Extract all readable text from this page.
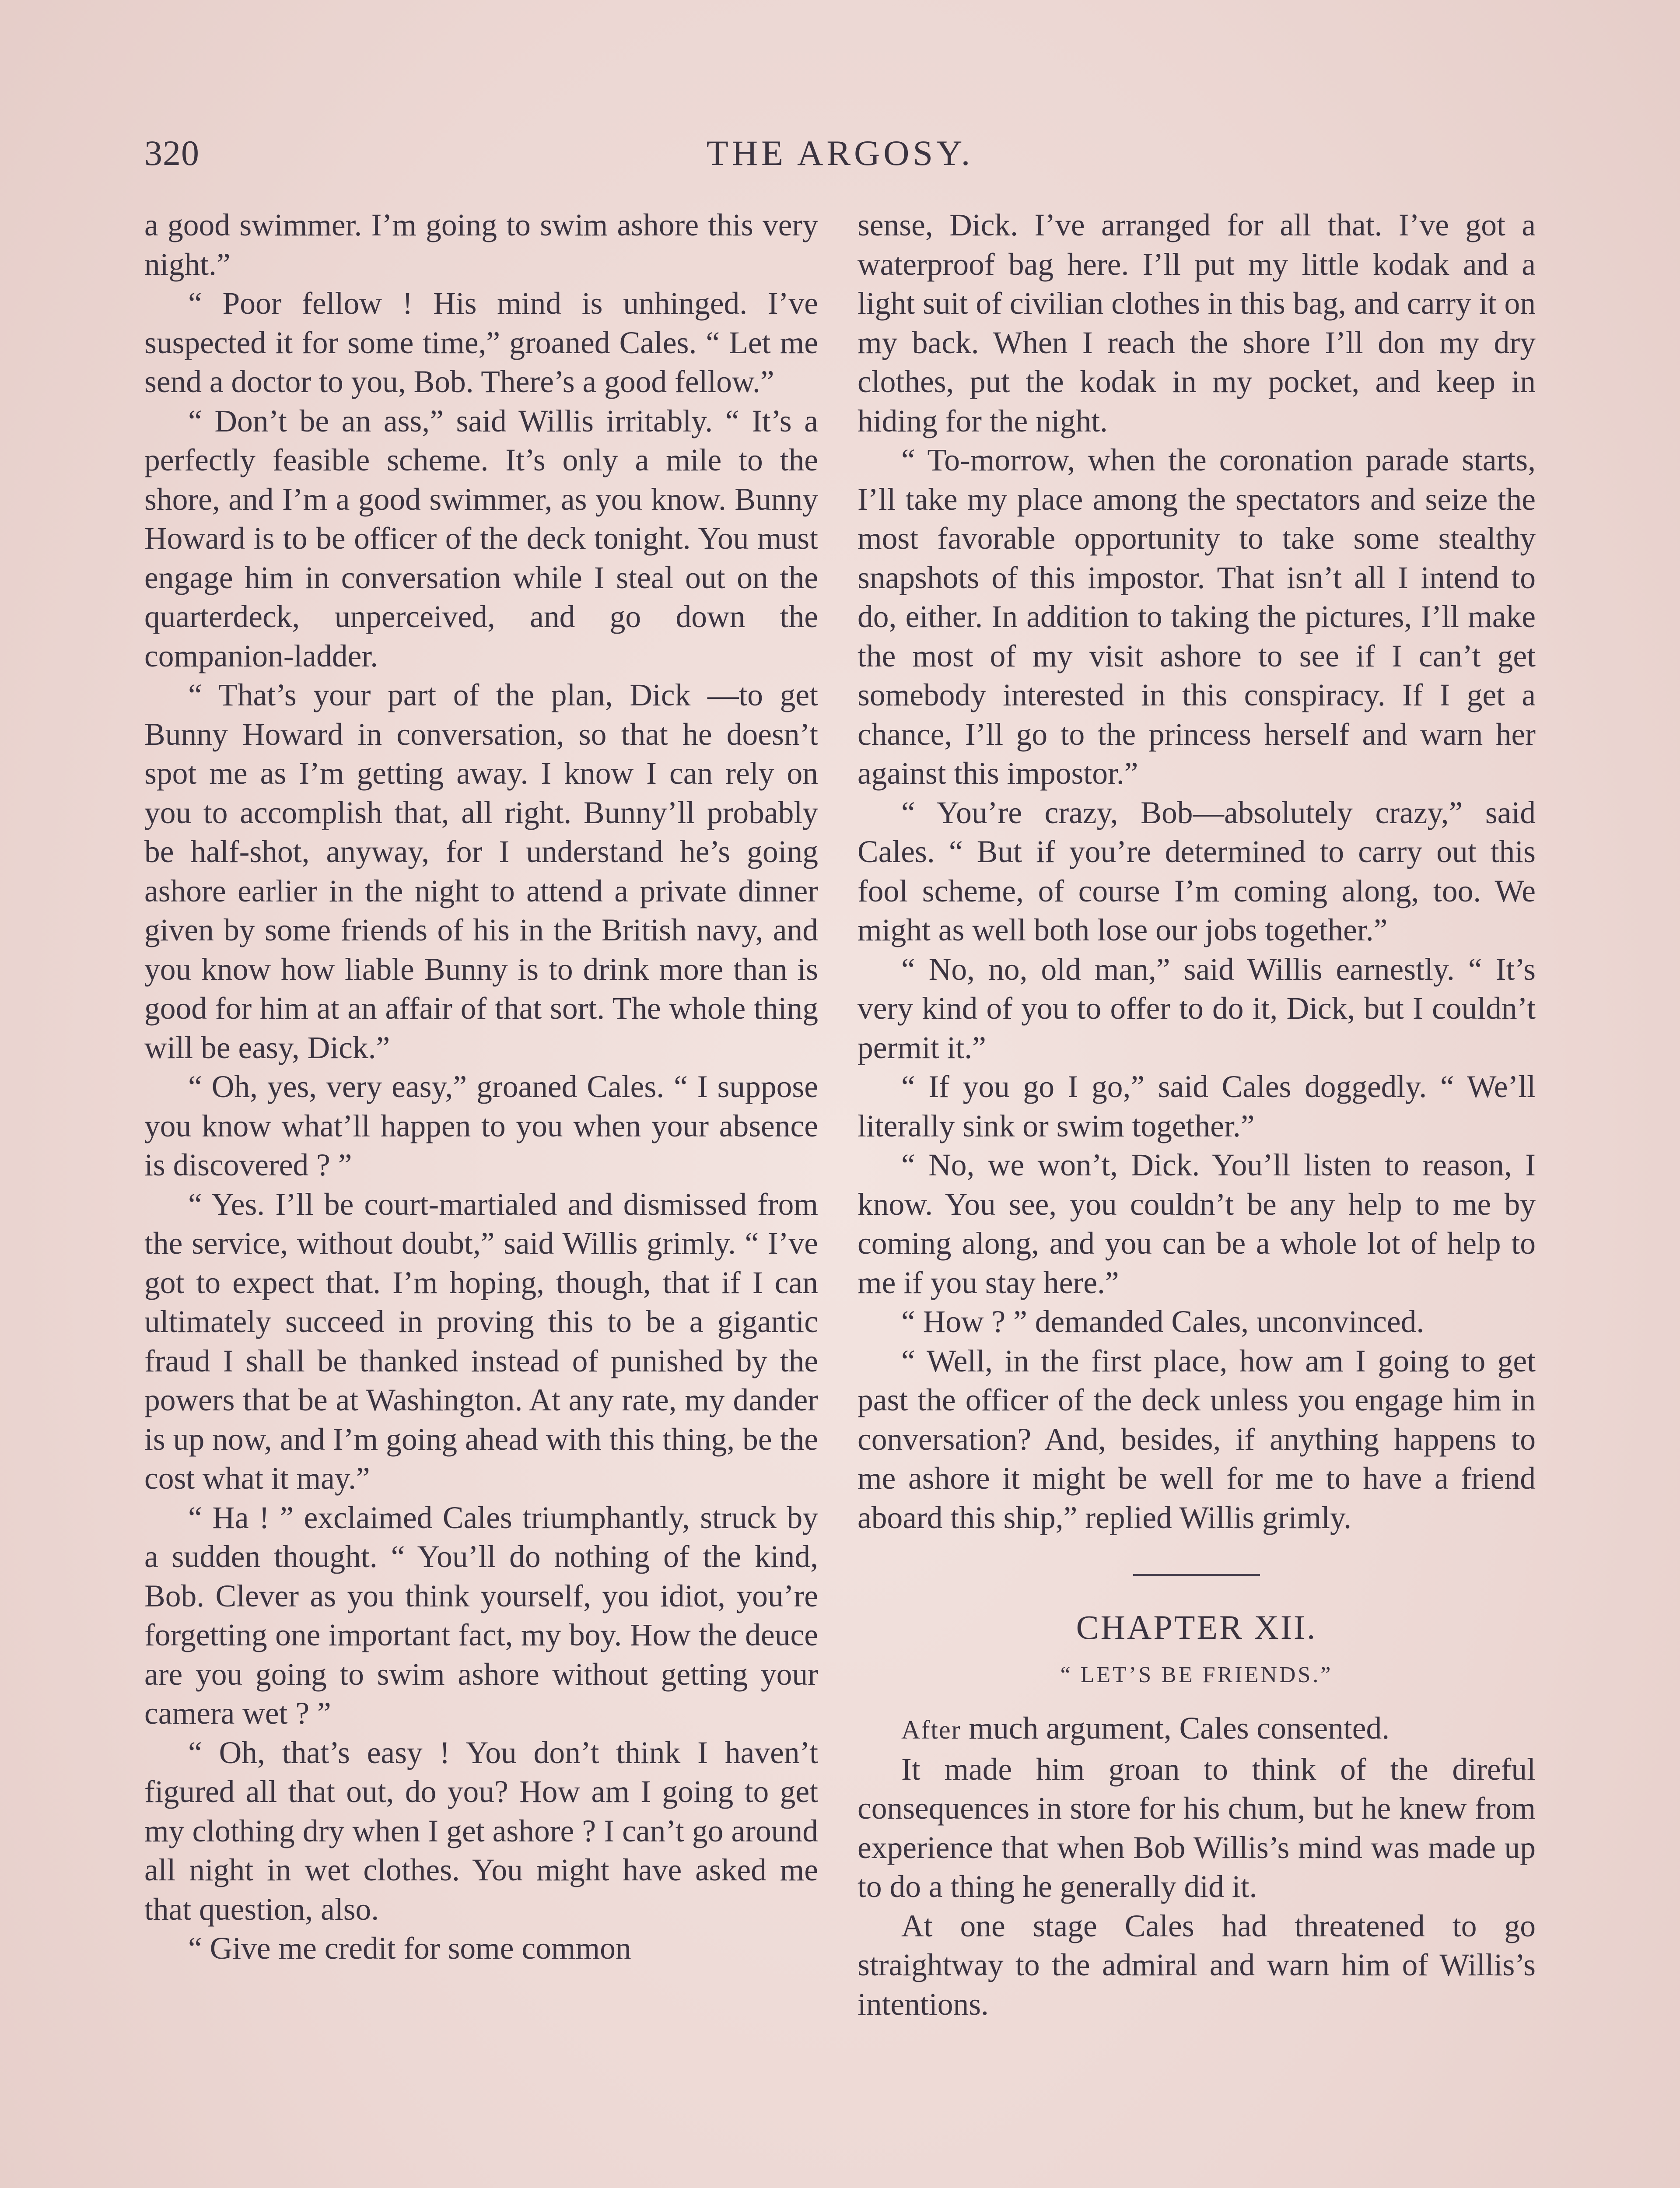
320	THE ARGOSY.

a good swimmer. I’m going to swim ashore this very night.”

“ Poor fellow ! His mind is unhinged. I’ve suspected it for some time,” groaned Cales. “ Let me send a doctor to you, Bob. There’s a good fellow.”

“ Don’t be an ass,” said Willis irritably. “ It’s a perfectly feasible scheme. It’s only a mile to the shore, and I’m a good swimmer, as you know. Bunny Howard is to be officer of the deck tonight. You must engage him in conversation while I steal out on the quarterdeck, unperceived, and go down the companion-ladder.

“ That’s your part of the plan, Dick —to get Bunny Howard in conversation, so that he doesn’t spot me as I’m getting away. I know I can rely on you to accomplish that, all right. Bunny’ll probably be half-shot, anyway, for I understand he’s going ashore earlier in the night to attend a private dinner given by some friends of his in the British navy, and you know how liable Bunny is to drink more than is good for him at an affair of that sort. The whole thing will be easy, Dick.”

“ Oh, yes, very easy,” groaned Cales. “ I suppose you know what’ll happen to you when your absence is discovered ? ”

“ Yes. I’ll be court-martialed and dismissed from the service, without doubt,” said Willis grimly. “ I’ve got to expect that. I’m hoping, though, that if I can ultimately succeed in proving this to be a gigantic fraud I shall be thanked instead of punished by the powers that be at Washington. At any rate, my dander is up now, and I’m going ahead with this thing, be the cost what it may.”

“ Ha ! ” exclaimed Cales triumphantly, struck by a sudden thought. “ You’ll do nothing of the kind, Bob. Clever as you think yourself, you idiot, you’re forgetting one important fact, my boy. How the deuce are you going to swim ashore without getting your camera wet ? ”

“ Oh, that’s easy ! You don’t think I haven’t figured all that out, do you? How am I going to get my clothing dry when I get ashore ? I can’t go around all night in wet clothes. You might have asked me that question, also.

“ Give me credit for some common

sense, Dick. I’ve arranged for all that. I’ve got a waterproof bag here. I’ll put my little kodak and a light suit of civilian clothes in this bag, and carry it on my back. When I reach the shore I’ll don my dry clothes, put the kodak in my pocket, and keep in hiding for the night.

“ To-morrow, when the coronation parade starts, I’ll take my place among the spectators and seize the most favorable opportunity to take some stealthy snapshots of this impostor. That isn’t all I intend to do, either. In addition to taking the pictures, I’ll make the most of my visit ashore to see if I can’t get somebody interested in this conspiracy. If I get a chance, I’ll go to the princess herself and warn her against this impostor.”

“ You’re crazy, Bob—absolutely crazy,” said Cales. “ But if you’re determined to carry out this fool scheme, of course I’m coming along, too. We might as well both lose our jobs together.”

“ No, no, old man,” said Willis earnestly. “ It’s very kind of you to offer to do it, Dick, but I couldn’t permit it.”

“ If you go I go,” said Cales doggedly. “ We’ll literally sink or swim together.”

“ No, we won’t, Dick. You’ll listen to reason, I know. You see, you couldn’t be any help to me by coming along, and you can be a whole lot of help to me if you stay here.”

“ How ? ” demanded Cales, unconvinced.

“ Well, in the first place, how am I going to get past the officer of the deck unless you engage him in conversation? And, besides, if anything happens to me ashore it might be well for me to have a friend aboard this ship,” replied Willis grimly.

CHAPTER XII.
“ LET’S BE FRIENDS.”

After much argument, Cales consented.

It made him groan to think of the direful consequences in store for his chum, but he knew from experience that when Bob Willis’s mind was made up to do a thing he generally did it.

At one stage Cales had threatened to go straightway to the admiral and warn him of Willis’s intentions.
